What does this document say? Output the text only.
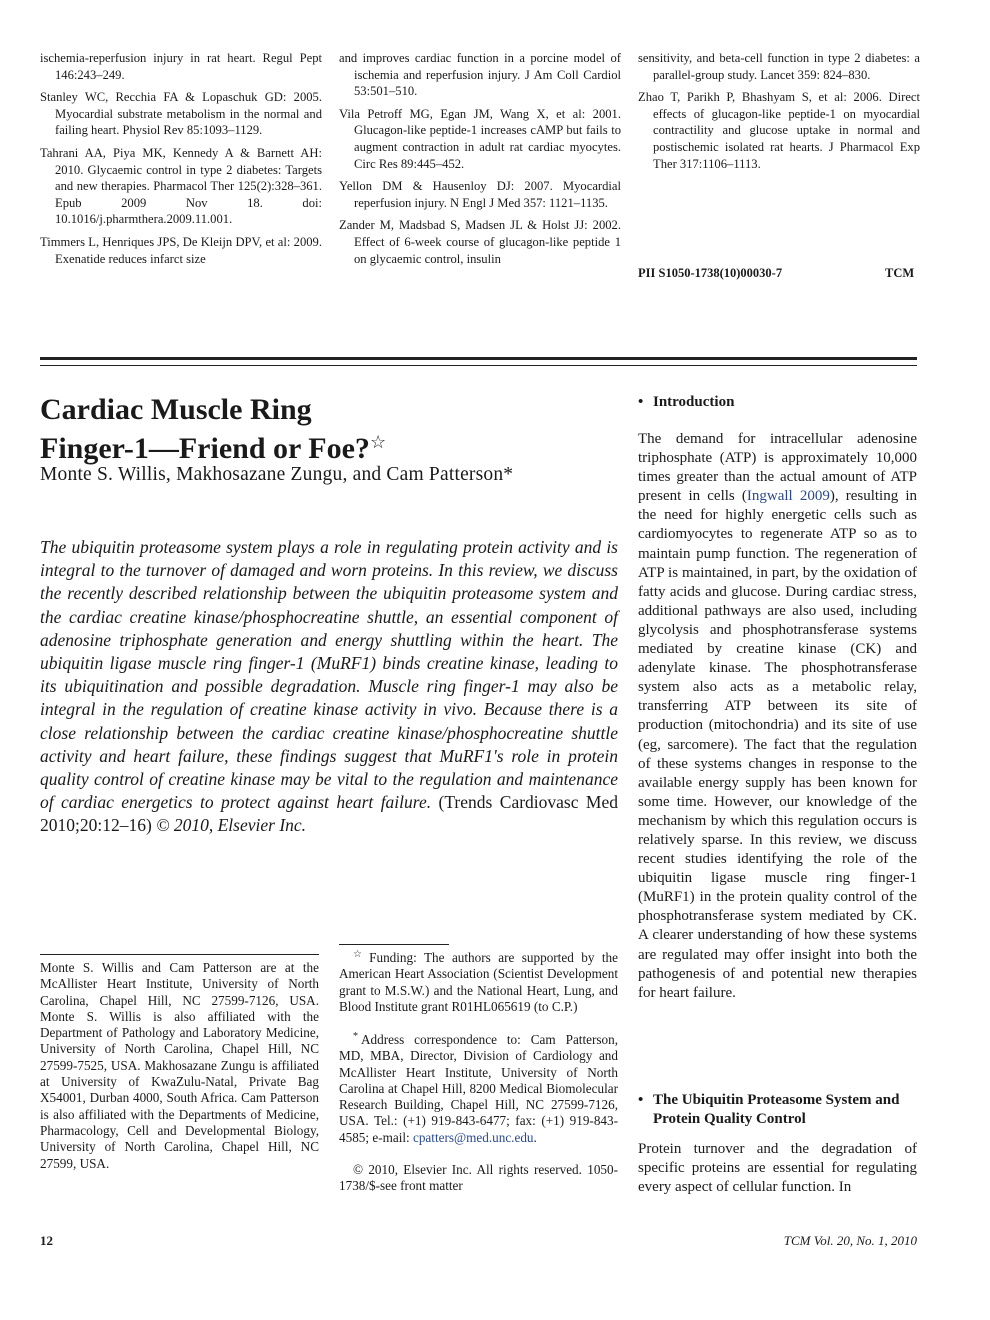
ischemia-reperfusion injury in rat heart. Regul Pept 146:243–249.

Stanley WC, Recchia FA & Lopaschuk GD: 2005. Myocardial substrate metabolism in the normal and failing heart. Physiol Rev 85:1093–1129.

Tahrani AA, Piya MK, Kennedy A & Barnett AH: 2010. Glycaemic control in type 2 diabetes: Targets and new therapies. Pharmacol Ther 125(2):328–361. Epub 2009 Nov 18. doi: 10.1016/j.pharmthera.2009.11.001.

Timmers L, Henriques JPS, De Kleijn DPV, et al: 2009. Exenatide reduces infarct size

and improves cardiac function in a porcine model of ischemia and reperfusion injury. J Am Coll Cardiol 53:501–510.

Vila Petroff MG, Egan JM, Wang X, et al: 2001. Glucagon-like peptide-1 increases cAMP but fails to augment contraction in adult rat cardiac myocytes. Circ Res 89:445–452.

Yellon DM & Hausenloy DJ: 2007. Myocardial reperfusion injury. N Engl J Med 357: 1121–1135.

Zander M, Madsbad S, Madsen JL & Holst JJ: 2002. Effect of 6-week course of glucagon-like peptide 1 on glycaemic control, insulin

sensitivity, and beta-cell function in type 2 diabetes: a parallel-group study. Lancet 359: 824–830.

Zhao T, Parikh P, Bhashyam S, et al: 2006. Direct effects of glucagon-like peptide-1 on myocardial contractility and glucose uptake in normal and postischemic isolated rat hearts. J Pharmacol Exp Ther 317:1106–1113.

PII S1050-1738(10)00030-7	TCM
Cardiac Muscle Ring
Finger-1—Friend or Foe?☆
Monte S. Willis, Makhosazane Zungu, and Cam Patterson*

The ubiquitin proteasome system plays a role in regulating protein activity and is integral to the turnover of damaged and worn proteins. In this review, we discuss the recently described relationship between the ubiquitin proteasome system and the cardiac creatine kinase/phosphocreatine shuttle, an essential component of adenosine triphosphate generation and energy shuttling within the heart. The ubiquitin ligase muscle ring finger-1 (MuRF1) binds creatine kinase, leading to its ubiquitination and possible degradation. Muscle ring finger-1 may also be integral in the regulation of creatine kinase activity in vivo. Because there is a close relationship between the cardiac creatine kinase/phosphocreatine shuttle activity and heart failure, these findings suggest that MuRF1's role in protein quality control of creatine kinase may be vital to the regulation and maintenance of cardiac energetics to protect against heart failure. (Trends Cardiovasc Med 2010;20:12–16) © 2010, Elsevier Inc.

Monte S. Willis and Cam Patterson are at the McAllister Heart Institute, University of North Carolina, Chapel Hill, NC 27599-7126, USA. Monte S. Willis is also affiliated with the Department of Pathology and Laboratory Medicine, University of North Carolina, Chapel Hill, NC 27599-7525, USA. Makhosazane Zungu is affiliated at University of KwaZulu-Natal, Private Bag X54001, Durban 4000, South Africa. Cam Patterson is also affiliated with the Departments of Medicine, Pharmacology, Cell and Developmental Biology, University of North Carolina, Chapel Hill, NC 27599, USA.

☆ Funding: The authors are supported by the American Heart Association (Scientist Development grant to M.S.W.) and the National Heart, Lung, and Blood Institute grant R01HL065619 (to C.P.)

* Address correspondence to: Cam Patterson, MD, MBA, Director, Division of Cardiology and McAllister Heart Institute, University of North Carolina at Chapel Hill, 8200 Medical Biomolecular Research Building, Chapel Hill, NC 27599-7126, USA. Tel.: (+1) 919-843-6477; fax: (+1) 919-843-4585; e-mail: cpatters@med.unc.edu.

© 2010, Elsevier Inc. All rights reserved. 1050-1738/$-see front matter

• Introduction

The demand for intracellular adenosine triphosphate (ATP) is approximately 10,000 times greater than the actual amount of ATP present in cells (Ingwall 2009), resulting in the need for highly energetic cells such as cardiomyocytes to regenerate ATP so as to maintain pump function. The regeneration of ATP is maintained, in part, by the oxidation of fatty acids and glucose. During cardiac stress, additional pathways are also used, including glycolysis and phosphotransferase systems mediated by creatine kinase (CK) and adenylate kinase. The phosphotransferase system also acts as a metabolic relay, transferring ATP between its site of production (mitochondria) and its site of use (eg, sarcomere). The fact that the regulation of these systems changes in response to the available energy supply has been known for some time. However, our knowledge of the mechanism by which this regulation occurs is relatively sparse. In this review, we discuss recent studies identifying the role of the ubiquitin ligase muscle ring finger-1 (MuRF1) in the protein quality control of the phosphotransferase system mediated by CK. A clearer understanding of how these systems are regulated may offer insight into both the pathogenesis of and potential new therapies for heart failure.

• The Ubiquitin Proteasome System and Protein Quality Control

Protein turnover and the degradation of specific proteins are essential for regulating every aspect of cellular function. In

12	TCM Vol. 20, No. 1, 2010
